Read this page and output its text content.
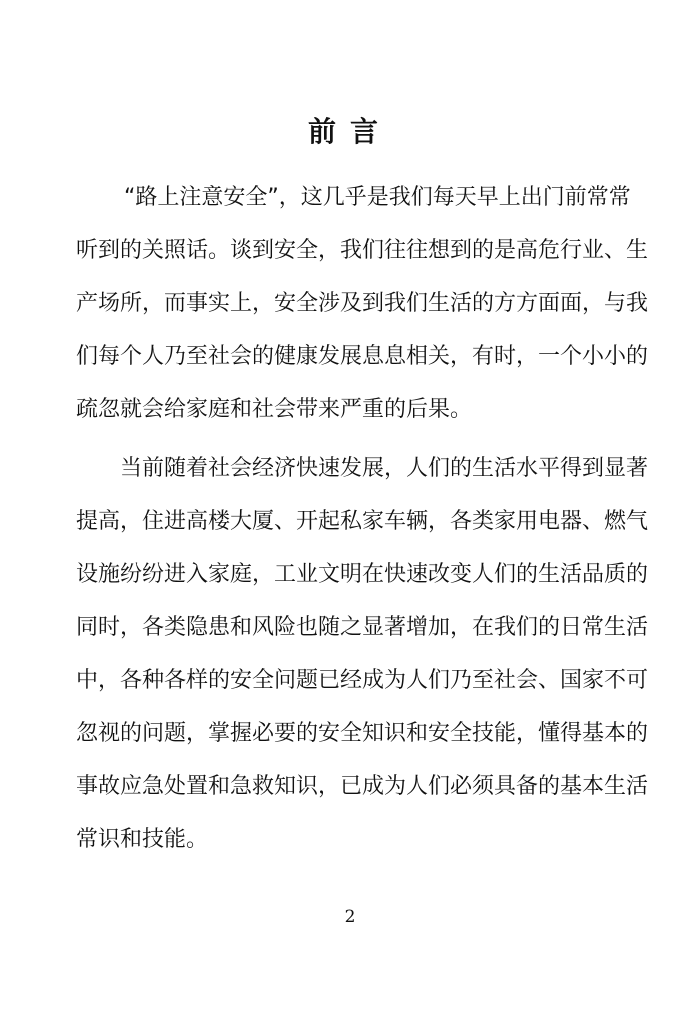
前言
“路上注意安全”，这几乎是我们每天早上出门前常常
听到的关照话。谈到安全，我们往往想到的是高危行业、生
产场所，而事实上，安全涉及到我们生活的方方面面，与我
们每个人乃至社会的健康发展息息相关，有时，一个小小的
疏忽就会给家庭和社会带来严重的后果。
当前随着社会经济快速发展，人们的生活水平得到显著
提高，住进高楼大厦、开起私家车辆，各类家用电器、燃气
设施纷纷进入家庭，工业文明在快速改变人们的生活品质的
同时，各类隐患和风险也随之显著增加，在我们的日常生活
中，各种各样的安全问题已经成为人们乃至社会、国家不可
忽视的问题，掌握必要的安全知识和安全技能，懂得基本的
事故应急处置和急救知识，已成为人们必须具备的基本生活
常识和技能。
2
